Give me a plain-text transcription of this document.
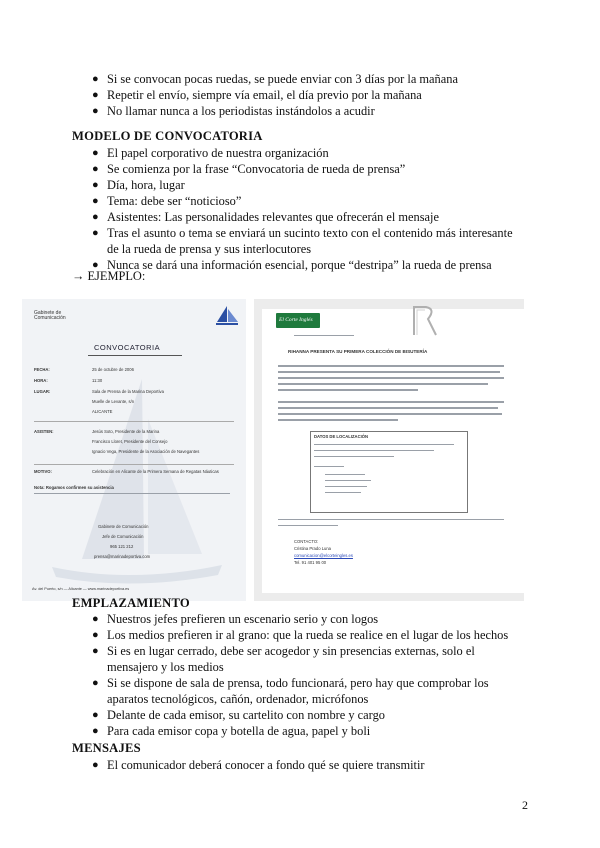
● Si se convocan pocas ruedas, se puede enviar con 3 días por la mañana
● Repetir el envío, siempre vía email, el día previo por la mañana
● No llamar nunca a los periodistas instándolos a acudir
MODELO DE CONVOCATORIA
● El papel corporativo de nuestra organización
● Se comienza por la frase “Convocatoria de rueda de prensa”
● Día, hora, lugar
● Tema: debe ser “noticioso”
● Asistentes: Las personalidades relevantes que ofrecerán el mensaje
● Tras el asunto o tema se enviará un sucinto texto con el contenido más interesante de la rueda de prensa y sus interlocutores
● Nunca se dará una información esencial, porque “destripa” la rueda de prensa
→ EJEMPLO:
Gabinete de Comunicación
CONVOCATORIA
FECHA:	25 de octubre de 2006
HORA:	11:30
LUGAR:	Sala de Prensa de la Marina Deportiva
Muelle de Levante, s/n
ALICANTE
ASISTEN:	Jesús Soto, Presidente de la Marina
Francisco Lloret, Presidente del Consejo
Ignacio Vega, Presidente de la Asociación de Navegantes
MOTIVO:	Celebración en Alicante de la Primera Semana de Regatas Náuticas
Nota: Rogamos confirmen su asistencia
Gabinete de Comunicación
Jefe de Comunicación
965 121 212
prensa@marinadeportiva.com
Av. del Puerto, s/n — Alicante — www.marinadeportiva.es
El Corte Inglés
RIHANNA PRESENTA SU PRIMERA COLECCIÓN DE BISUTERÍA
DATOS DE LOCALIZACIÓN
CONTACTO:
Cristina Prado Luna
comunicacion@elcorteingles.es
Tel. 91 401 95 00
EMPLAZAMIENTO
● Nuestros jefes prefieren un escenario serio y con logos
● Los medios prefieren ir al grano: que la rueda se realice en el lugar de los hechos
● Si es en lugar cerrado, debe ser acogedor y sin presencias externas, solo el mensajero y los medios
● Si se dispone de sala de prensa, todo funcionará, pero hay que comprobar los aparatos tecnológicos, cañón, ordenador, micrófonos
● Delante de cada emisor, su cartelito con nombre y cargo
● Para cada emisor copa y botella de agua, papel y boli
MENSAJES
● El comunicador deberá conocer a fondo qué se quiere transmitir
2
